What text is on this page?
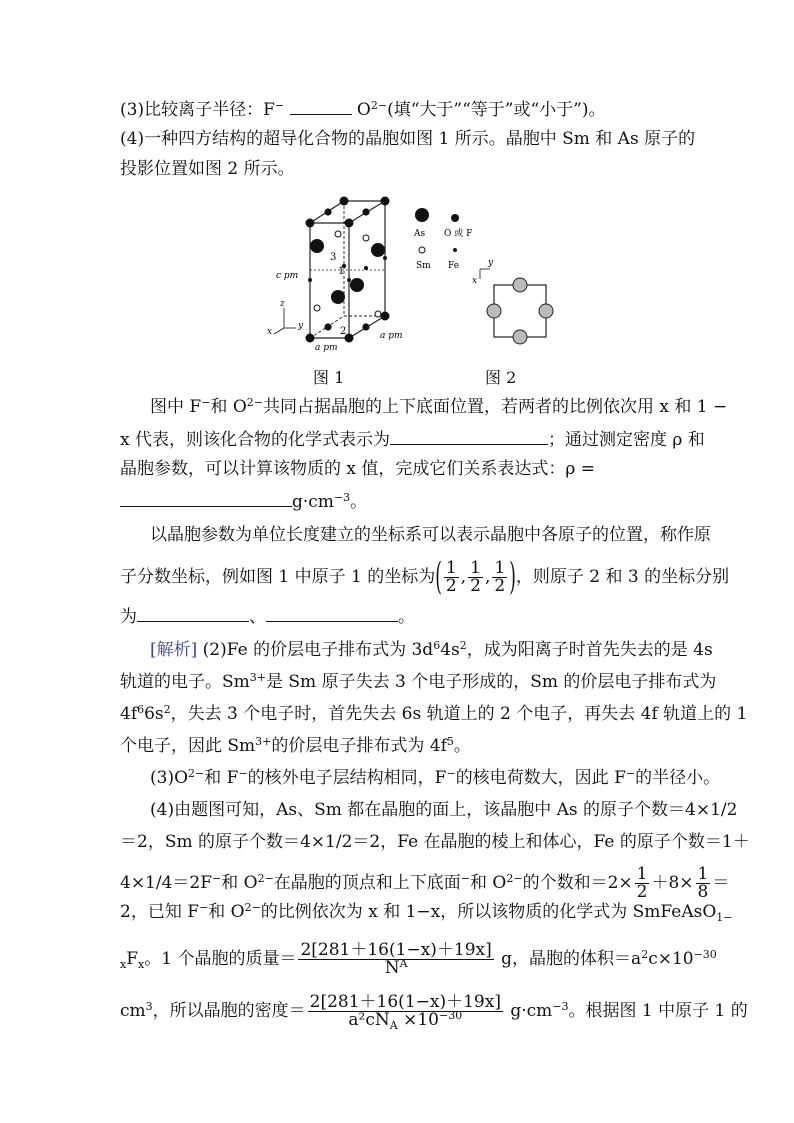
(3)比较离子半径：F−	$O^{2-}$(填“大于”“等于”或“小于”)。
(4)一种四方结构的超导化合物的晶胞如图 1 所示。晶胞中 Sm 和 As 原子的
投影位置如图 2 所示。
3
1
2
c pm
a pm
a pm
z
y
x
As O 或 F
Sm Fe	y
x
图 1	图 2
图中 F−和 $O^{2-}$共同占据晶胞的上下底面位置，若两者的比例依次用 x 和 1 −
x 代表，则该化合物的化学式表示为	；通过测定密度 ρ 和
晶胞参数，可以计算该物质的 x 值，完成它们关系表达式：ρ =
$g\cdot cm^{-3}$。
以晶胞参数为单位长度建立的坐标系可以表示晶胞中各原子的位置，称作原
子分数坐标，例如图 1 中原子 1 的坐标为( $\frac{1}{2}$ , $\frac{1}{2}$ , $\frac{1}{2}$ )，则原子 2 和 3 的坐标分别
为	、	。
[解析] (2)Fe 的价层电子排布式为 $3d^64s^2$，成为阳离子时首先失去的是 4s
轨道的电子。$Sm^{3+}$是 Sm 原子失去 3 个电子形成的，Sm 的价层电子排布式为
$4f^66s^2$，失去 3 个电子时，首先失去 6s 轨道上的 2 个电子，再失去 4f 轨道上的 1
个电子，因此 $Sm^{3+}$的价层电子排布式为 $4f^5$。
$(3)O^{2-}$和 F−的核外电子层结构相同，F−的核电荷数大，因此 F−的半径小。
(4)由题图可知，As、Sm 都在晶胞的面上，该晶胞中 As 的原子个数＝4×1/2
＝2，Sm 的原子个数＝4×1/2＝2，Fe 在晶胞的棱上和体心，Fe 的原子个数＝1＋
4×1/4＝2F−和 $O^{2-}$在晶胞的顶点和上下底面−和 $O^{2-}$的个数和$=2\times \frac{1}{2} +8\times \frac{1}{8}$ ＝
2，已知 F−和 $O^{2-}$的比例依次为 x 和 1−x，所以该物质的化学式为 SmFeAsO$_{1-}$
$_xF_x$。1 个晶胞的质量＝ $\frac{2[281+16(1-x)+19x]}{N^A}$ g，晶胞的体积$=a^2c\times 10^{-30}$
$cm^3$，所以晶胞的密度＝ $\frac{2[281+16(1-x)+19x]}{a^2cN_A \times 10^{-30}} g\cdot cm^{-3}$。根据图 1 中原子 1 的
